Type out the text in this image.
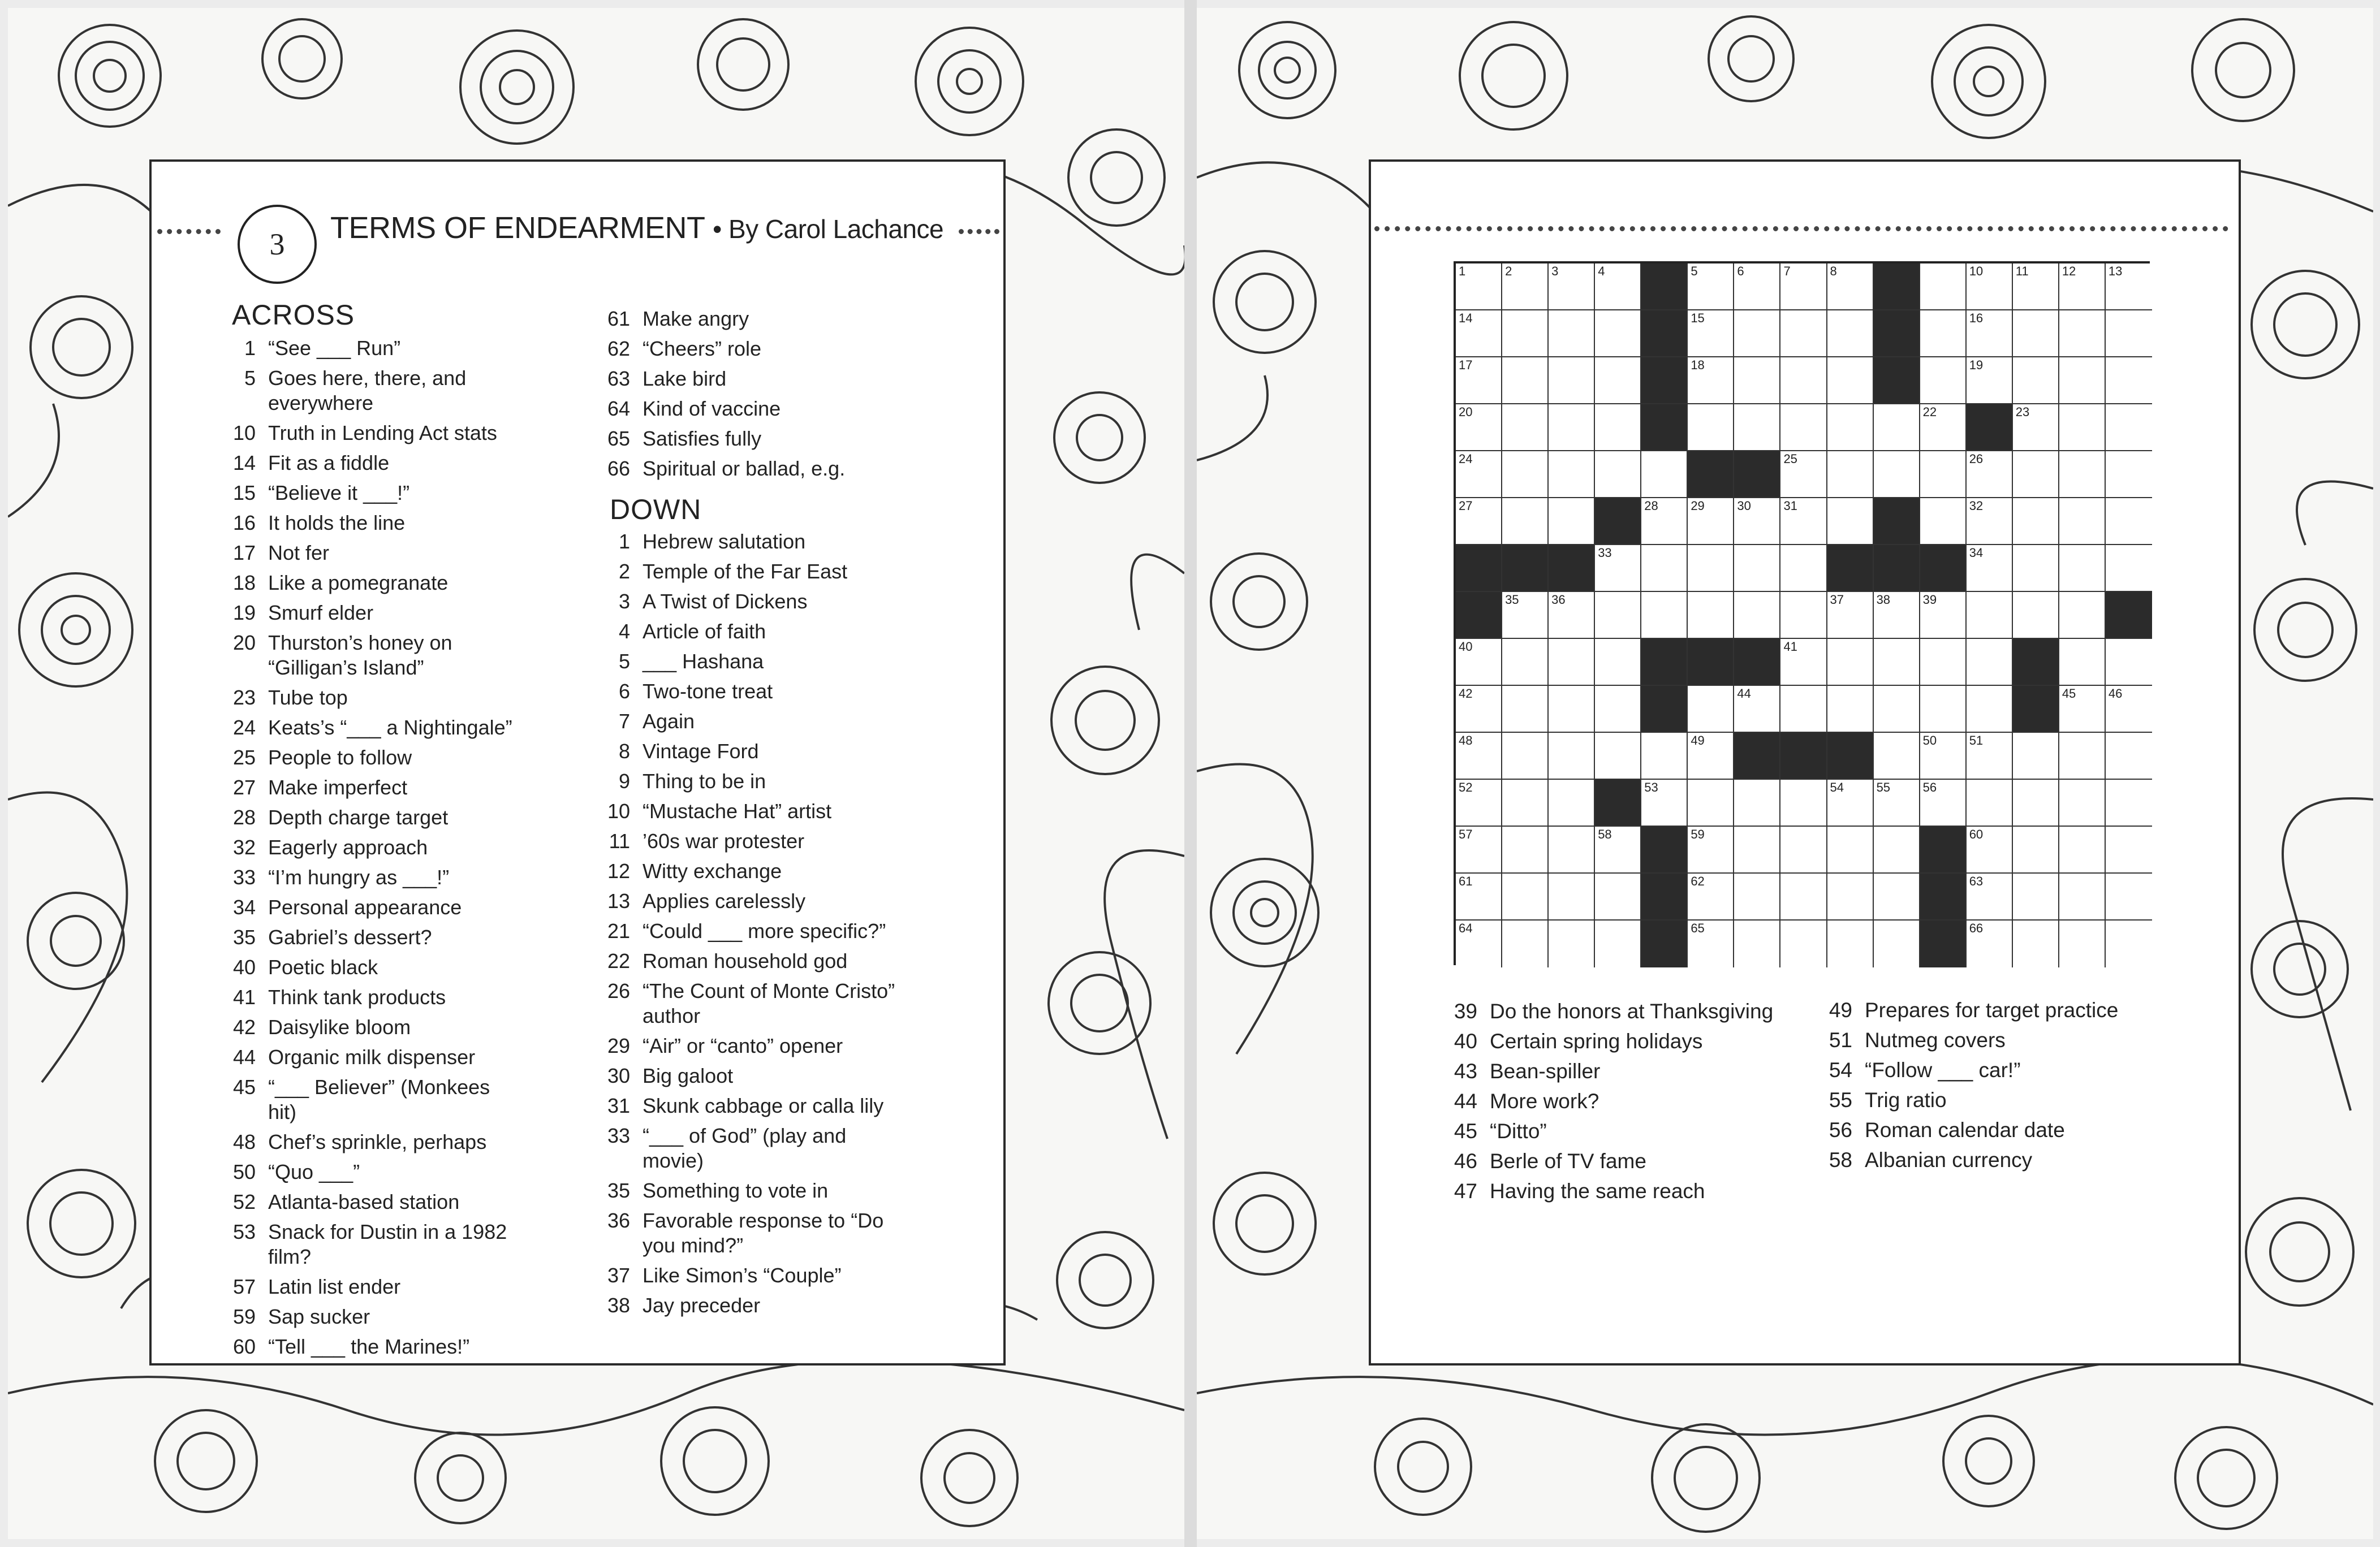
3 TERMS OF ENDEARMENT • By Carol Lachance
ACROSS
1 “See ___ Run”
5 Goes here, there, and everywhere
10 Truth in Lending Act stats
14 Fit as a fiddle
15 “Believe it ___!”
16 It holds the line
17 Not fer
18 Like a pomegranate
19 Smurf elder
20 Thurston’s honey on “Gilligan’s Island”
23 Tube top
24 Keats’s “___ a Nightingale”
25 People to follow
27 Make imperfect
28 Depth charge target
32 Eagerly approach
33 “I’m hungry as ___!”
34 Personal appearance
35 Gabriel’s dessert?
40 Poetic black
41 Think tank products
42 Daisylike bloom
44 Organic milk dispenser
45 “___ Believer” (Monkees hit)
48 Chef’s sprinkle, perhaps
50 “Quo ___”
52 Atlanta-based station
53 Snack for Dustin in a 1982 film?
57 Latin list ender
59 Sap sucker
60 “Tell ___ the Marines!”
61 Make angry
62 “Cheers” role
63 Lake bird
64 Kind of vaccine
65 Satisfies fully
66 Spiritual or ballad, e.g.
DOWN
1 Hebrew salutation
2 Temple of the Far East
3 A Twist of Dickens
4 Article of faith
5 ___ Hashana
6 Two-tone treat
7 Again
8 Vintage Ford
9 Thing to be in
10 “Mustache Hat” artist
11 ’60s war protester
12 Witty exchange
13 Applies carelessly
21 “Could ___ more specific?”
22 Roman household god
26 “The Count of Monte Cristo” author
29 “Air” or “canto” opener
30 Big galoot
31 Skunk cabbage or calla lily
33 “___ of God” (play and movie)
35 Something to vote in
36 Favorable response to “Do you mind?”
37 Like Simon’s “Couple”
38 Jay preceder
1	2	3	4	5	6	7	8	10	11	12	13
14	15	16
17	18	19
20	22	23
24	25	26
27	28	29	30	31	32
33	34
35	36	37	38	39
40	41
42	44	45	46
48	49	50	51
52	53	54	55	56
57	58	59	60
61	62	63
64	65	66
39 Do the honors at Thanksgiving
40 Certain spring holidays
43 Bean-spiller
44 More work?
45 “Ditto”
46 Berle of TV fame
47 Having the same reach
49 Prepares for target practice
51 Nutmeg covers
54 “Follow ___ car!”
55 Trig ratio
56 Roman calendar date
58 Albanian currency
